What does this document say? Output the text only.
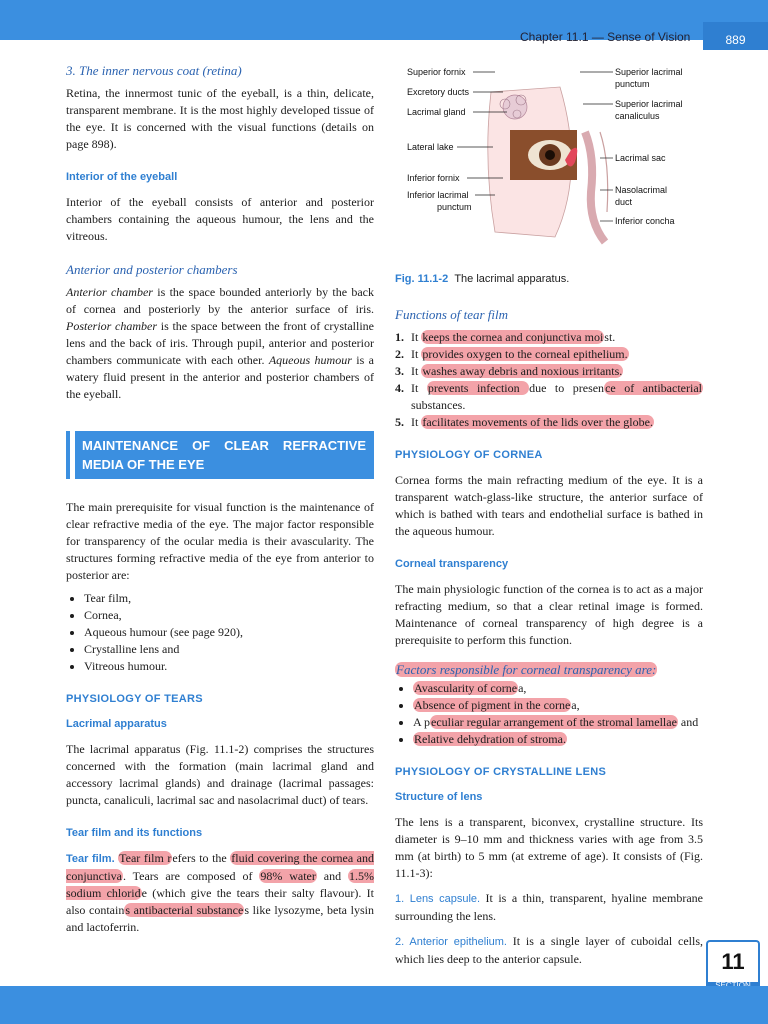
Chapter 11.1 — Sense of Vision	889
3. The inner nervous coat (retina)

Retina, the innermost tunic of the eyeball, is a thin, delicate, transparent membrane. It is the most highly developed tissue of the eye. It is concerned with the visual functions (details on page 898).

Interior of the eyeball

Interior of the eyeball consists of anterior and posterior chambers containing the aqueous humour, the lens and the vitreous.

Anterior and posterior chambers

Anterior chamber is the space bounded anteriorly by the back of cornea and posteriorly by the anterior surface of iris. Posterior chamber is the space between the front of crystalline lens and the back of iris. Through pupil, anterior and posterior chambers communicate with each other. Aqueous humour is a watery fluid present in the anterior and posterior chambers of the eyeball.

MAINTENANCE OF CLEAR REFRACTIVE MEDIA OF THE EYE

The main prerequisite for visual function is the maintenance of clear refractive media of the eye. The major factor responsible for transparency of the ocular media is their avascularity. The structures forming refractive media of the eye from anterior to posterior are:

• Tear film,
• Cornea,
• Aqueous humour (see page 920),
• Crystalline lens and
• Vitreous humour.
PHYSIOLOGY OF TEARS
Lacrimal apparatus

The lacrimal apparatus (Fig. 11.1-2) comprises the structures concerned with the formation (main lacrimal gland and accessory lacrimal glands) and drainage (lacrimal passages: puncta, canaliculi, lacrimal sac and nasolacrimal duct) of tears.

Tear film and its functions

Tear film. Tear film refers to the fluid covering the cornea and conjunctiva. Tears are composed of 98% water and 1.5% sodium chloride (which give the tears their salty flavour). It also contains antibacterial substances like lysozyme, beta lysin and lactoferrin.

Superior fornix
Excretory ducts
Lacrimal gland
Lateral lake
Inferior fornix
Inferior lacrimal
punctum
Superior lacrimal
punctum
Superior lacrimal
canaliculus
Lacrimal sac
Nasolacrimal
duct
Inferior concha
Fig. 11.1-2 The lacrimal apparatus.
Functions of tear film
1. It keeps the cornea and conjunctiva moist.
2. It provides oxygen to the corneal epithelium.
3. It washes away debris and noxious irritants.
4. It prevents infection due to presence of antibacterial substances.
5. It facilitates movements of the lids over the globe.
PHYSIOLOGY OF CORNEA

Cornea forms the main refracting medium of the eye. It is a transparent watch-glass-like structure, the anterior surface of which is bathed with tears and endothelial surface is bathed in the aqueous humour.

Corneal transparency

The main physiologic function of the cornea is to act as a major refracting medium, so that a clear retinal image is formed. Maintenance of corneal transparency of high degree is a prerequisite to perform this function.

Factors responsible for corneal transparency are:
• Avascularity of cornea,
• Absence of pigment in the cornea,
• A peculiar regular arrangement of the stromal lamellae and
• Relative dehydration of stroma.
PHYSIOLOGY OF CRYSTALLINE LENS
Structure of lens

The lens is a transparent, biconvex, crystalline structure. Its diameter is 9–10 mm and thickness varies with age from 3.5 mm (at birth) to 5 mm (at extreme of age). It consists of (Fig. 11.1-3):

1. Lens capsule. It is a thin, transparent, hyaline membrane surrounding the lens.

2. Anterior epithelium. It is a single layer of cuboidal cells, which lies deep to the anterior capsule.	11
